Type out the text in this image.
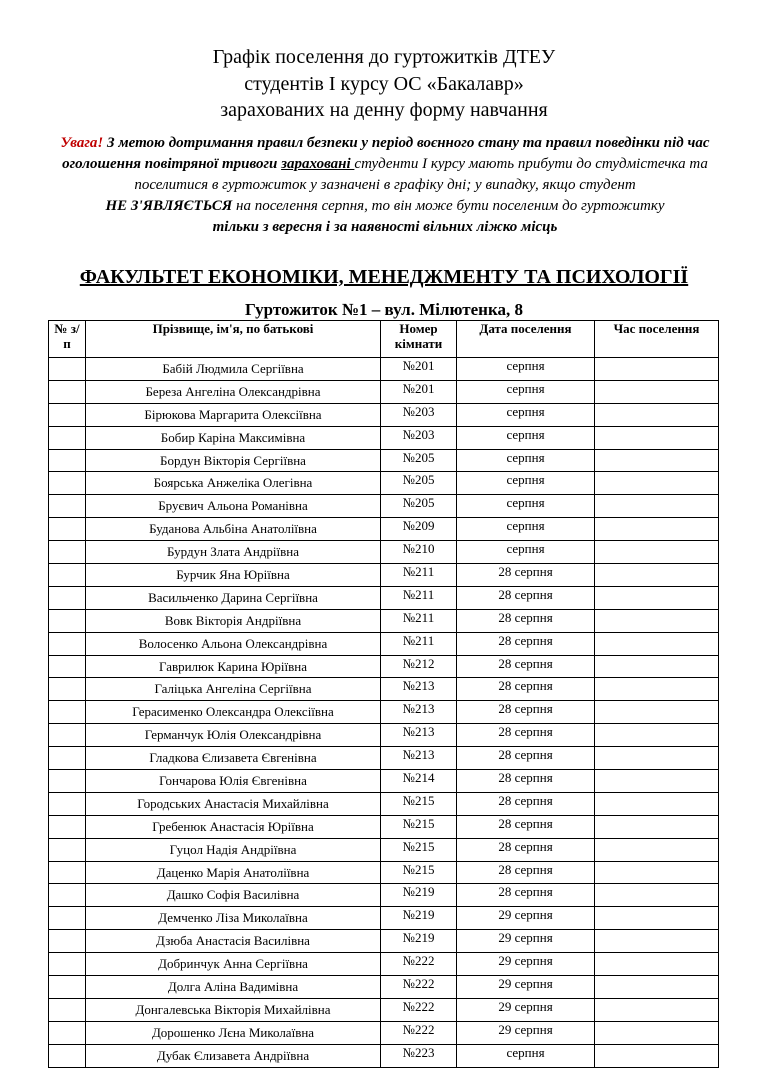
Графік поселення до гуртожитків ДТЕУ
студентів І курсу ОС «Бакалавр»
зарахованих на денну форму навчання
Увага! З метою дотримання правил безпеки у період воєнного стану та правил поведінки під час оголошення повітряної тривоги зараховані студенти І курсу мають прибути до студмістечка та поселитися в гуртожиток у зазначені в графіку дні; у випадку, якщо студент
НЕ З'ЯВЛЯЄТЬСЯ на поселення серпня, то він може бути поселеним до гуртожитку
тільки з вересня і за наявності вільних ліжко місць
ФАКУЛЬТЕТ ЕКОНОМІКИ, МЕНЕДЖМЕНТУ ТА ПСИХОЛОГІЇ
Гуртожиток №1 – вул. Мілютенка, 8
№ з/п	Прізвище, ім'я, по батькові	Номер кімнати	Дата поселення	Час поселення
	Бабій Людмила Сергіївна	№201	серпня	
	Береза Ангеліна Олександрівна	№201	серпня	
	Бірюкова Маргарита Олексіївна	№203	серпня	
	Бобир Каріна Максимівна	№203	серпня	
	Бордун Вікторія Сергіївна	№205	серпня	
	Боярська Анжеліка Олегівна	№205	серпня	
	Бруєвич Альона Романівна	№205	серпня	
	Буданова Альбіна Анатоліївна	№209	серпня	
	Бурдун Злата Андріївна	№210	серпня	
	Бурчик Яна Юріївна	№211	28 серпня	
	Васильченко Дарина Сергіївна	№211	28 серпня	
	Вовк Вікторія Андріївна	№211	28 серпня	
	Волосенко Альона Олександрівна	№211	28 серпня	
	Гаврилюк Карина Юріївна	№212	28 серпня	
	Галіцька Ангеліна Сергіївна	№213	28 серпня	
	Герасименко Олександра Олексіївна	№213	28 серпня	
	Германчук Юлія Олександрівна	№213	28 серпня	
	Гладкова Єлизавета Євгенівна	№213	28 серпня	
	Гончарова Юлія Євгенівна	№214	28 серпня	
	Городських Анастасія Михайлівна	№215	28 серпня	
	Гребенюк Анастасія Юріївна	№215	28 серпня	
	Гуцол Надія Андріївна	№215	28 серпня	
	Даценко Марія Анатоліївна	№215	28 серпня	
	Дашко Софія Василівна	№219	28 серпня	
	Демченко Ліза Миколаївна	№219	29 серпня	
	Дзюба Анастасія Василівна	№219	29 серпня	
	Добринчук Анна Сергіївна	№222	29 серпня	
	Долга Аліна Вадимівна	№222	29 серпня	
	Донгалевська Вікторія Михайлівна	№222	29 серпня	
	Дорошенко Лєна Миколаївна	№222	29 серпня	
	Дубак Єлизавета Андріївна	№223	серпня	
